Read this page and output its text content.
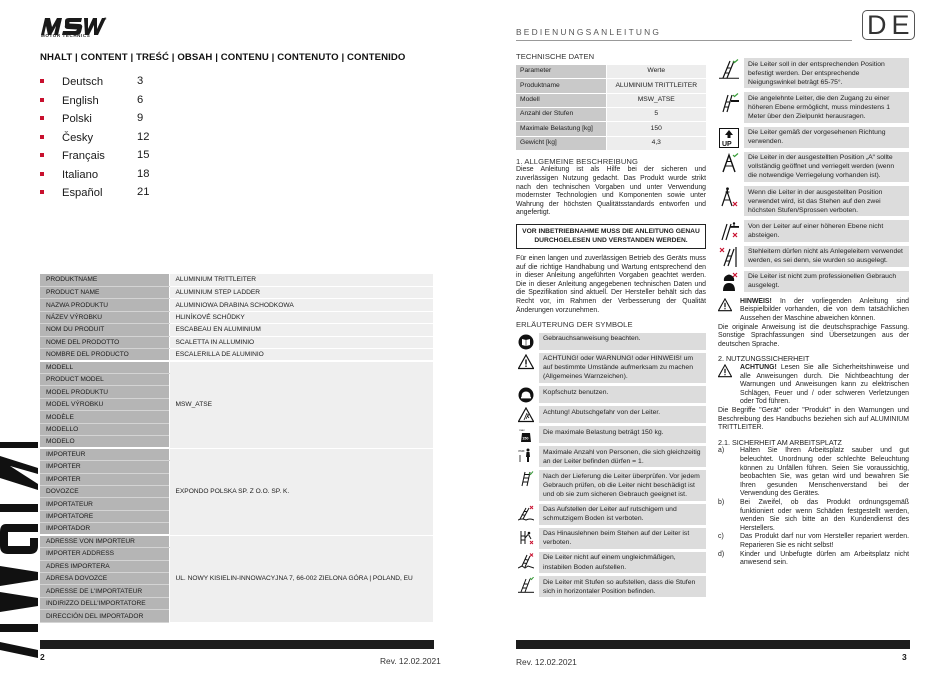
®
MOTOR TECHNICS
NHALT | CONTENT | TREŚĆ | OBSAH | CONTENU | CONTENUTO | CONTENIDO
Deutsch	3
English	6
Polski	9
Česky	12
Français	15
Italiano	18
Español	21
PRODUKTNAME	ALUMINIUM TRITTLEITER
PRODUCT NAME	ALUMINIUM STEP LADDER
NAZWA PRODUKTU	ALUMINIOWA DRABINA SCHODKOWA
NÁZEV VÝROBKU	HLINÍKOVÉ SCHŮDKY
NOM DU PRODUIT	ESCABEAU EN ALUMINIUM
NOME DEL PRODOTTO	SCALETTA IN ALLUMINIO
NOMBRE DEL PRODUCTO	ESCALERILLA DE ALUMINIO
MODELL	MSW_ATSE
PRODUCT MODEL	
MODEL PRODUKTU	
MODEL VÝROBKU	
MODÈLE	
MODELLO	
MODELO	
IMPORTEUR	EXPONDO POLSKA SP. Z O.O. SP. K.
IMPORTER	
IMPORTER	
DOVOZCE	
IMPORTATEUR	
IMPORTATORE	
IMPORTADOR	
ADRESSE VON IMPORTEUR	UL. NOWY KISIELIN-INNOWACYJNA 7, 66-002 ZIELONA GÓRA | POLAND, EU
IMPORTER ADDRESS	
ADRES IMPORTERA	
ADRESA DOVOZCE	
ADRESSE DE L'IMPORTATEUR	
INDIRIZZO DELL'IMPORTATORE	
DIRECCIÓN DEL IMPORTADOR	
2	Rev. 12.02.2021
BEDIENUNGSANLEITUNG	D E
TECHNISCHE DATEN
Parameter	Werte
Produktname	ALUMINIUM TRITTLEITER
Modell	MSW_ATSE
Anzahl der Stufen	5
Maximale Belastung [kg]	150
Gewicht [kg]	4,3
1. ALLGEMEINE BESCHREIBUNG

Diese Anleitung ist als Hilfe bei der sicheren und zuverlässigen Nutzung gedacht. Das Produkt wurde strikt nach den technischen Vorgaben und unter Verwendung modernster Technologien und Komponenten sowie unter Wahrung der höchsten Qualitätsstandards entworfen und angefertigt.

VOR INBETRIEBNAHME MUSS DIE ANLEITUNG GENAU DURCHGELESEN UND VERSTANDEN WERDEN.

Für einen langen und zuverlässigen Betrieb des Geräts muss auf die richtige Handhabung und Wartung entsprechend den in dieser Anleitung angeführten Vorgaben geachtet werden. Die in dieser Anleitung angegebenen technischen Daten und die Spezifikation sind aktuell. Der Hersteller behält sich das Recht vor, im Rahmen der Verbesserung der Qualität Änderungen vorzunehmen.

ERLÄUTERUNG DER SYMBOLE
Gebrauchsanweisung beachten.
ACHTUNG! oder WARNUNG! oder HINWEIS! um auf bestimmte Umstände aufmerksam zu machen (Allgemeines Warnzeichen).
Kopfschutz benutzen.
Achtung! Abutschgefahr von der Leiter.
max
150
Die maximale Belastung beträgt 150 kg.
max	Maximale Anzahl von Personen, die sich gleichzeitig an der Leiter befinden dürfen = 1.
Nach der Lieferung die Leiter überprüfen. Vor jedem Gebrauch prüfen, ob die Leiter nicht beschädigt ist und ob sie zum sicheren Gebrauch geeignet ist.
Das Aufstellen der Leiter auf rutschigem und schmutzigem Boden ist verboten.
Das Hinauslehnen beim Stehen auf der Leiter ist verboten.
Die Leiter nicht auf einem ungleichmäßigen, instabilen Boden aufstellen.
Die Leiter mit Stufen so aufstellen, dass die Stufen sich in horizontaler Position befinden.
Die Leiter soll in der entsprechenden Position befestigt werden. Der entsprechende Neigungswinkel beträgt 65-75°.
Die angelehnte Leiter, die den Zugang zu einer höheren Ebene ermöglicht, muss mindestens 1 Meter über den Zielpunkt herausragen.
UP
Die Leiter gemäß der vorgesehenen Richtung verwenden.
Die Leiter in der ausgestellten Position „A“ sollte vollständig geöffnet und verriegelt werden (wenn die notwendige Verriegelung vorhanden ist).
Wenn die Leiter in der ausgestellten Position verwendet wird, ist das Stehen auf den zwei höchsten Stufen/Sprossen verboten.
Von der Leiter auf einer höheren Ebene nicht absteigen.
Stehleitern dürfen nicht als Anlegeleitern verwendet werden, es sei denn, sie wurden so ausgelegt.
Die Leiter ist nicht zum professionellen Gebrauch ausgelegt.
HINWEIS! In der vorliegenden Anleitung sind Beispielbilder vorhanden, die von dem tatsächlichen Aussehen der Maschine abweichen können.

Die originale Anweisung ist die deutschsprachige Fassung. Sonstige Sprachfassungen sind Übersetzungen aus der deutschen Sprache.

2. NUTZUNGSSICHERHEIT
ACHTUNG! Lesen Sie alle Sicherheitshinweise und alle Anweisungen durch. Die Nichtbeachtung der Warnungen und Anweisungen kann zu elektrischen Schlägen, Feuer und / oder schweren Verletzungen oder Tod führen.

Die Begriffe "Gerät" oder "Produkt" in den Warnungen und Beschreibung des Handbuchs beziehen sich auf ALUMINIUM TRITTLEITER.

2.1. SICHERHEIT AM ARBEITSPLATZ
a)	Halten Sie Ihren Arbeitsplatz sauber und gut beleuchtet. Unordnung oder schlechte Beleuchtung können zu Unfällen führen. Seien Sie voraussichtig, beobachten Sie, was getan wird und bewahren Sie Ihren gesunden Menschenverstand bei der Verwendung des Gerätes.
b)	Bei Zweifel, ob das Produkt ordnungsgemäß funktioniert oder wenn Schäden festgestellt werden, wenden Sie sich bitte an den Kundendienst des Herstellers.
c)	Das Produkt darf nur vom Hersteller repariert werden. Reparieren Sie es nicht selbst!
d)	Kinder und Unbefugte dürfen am Arbeitsplatz nicht anwesend sein.
3
Rev. 12.02.2021
